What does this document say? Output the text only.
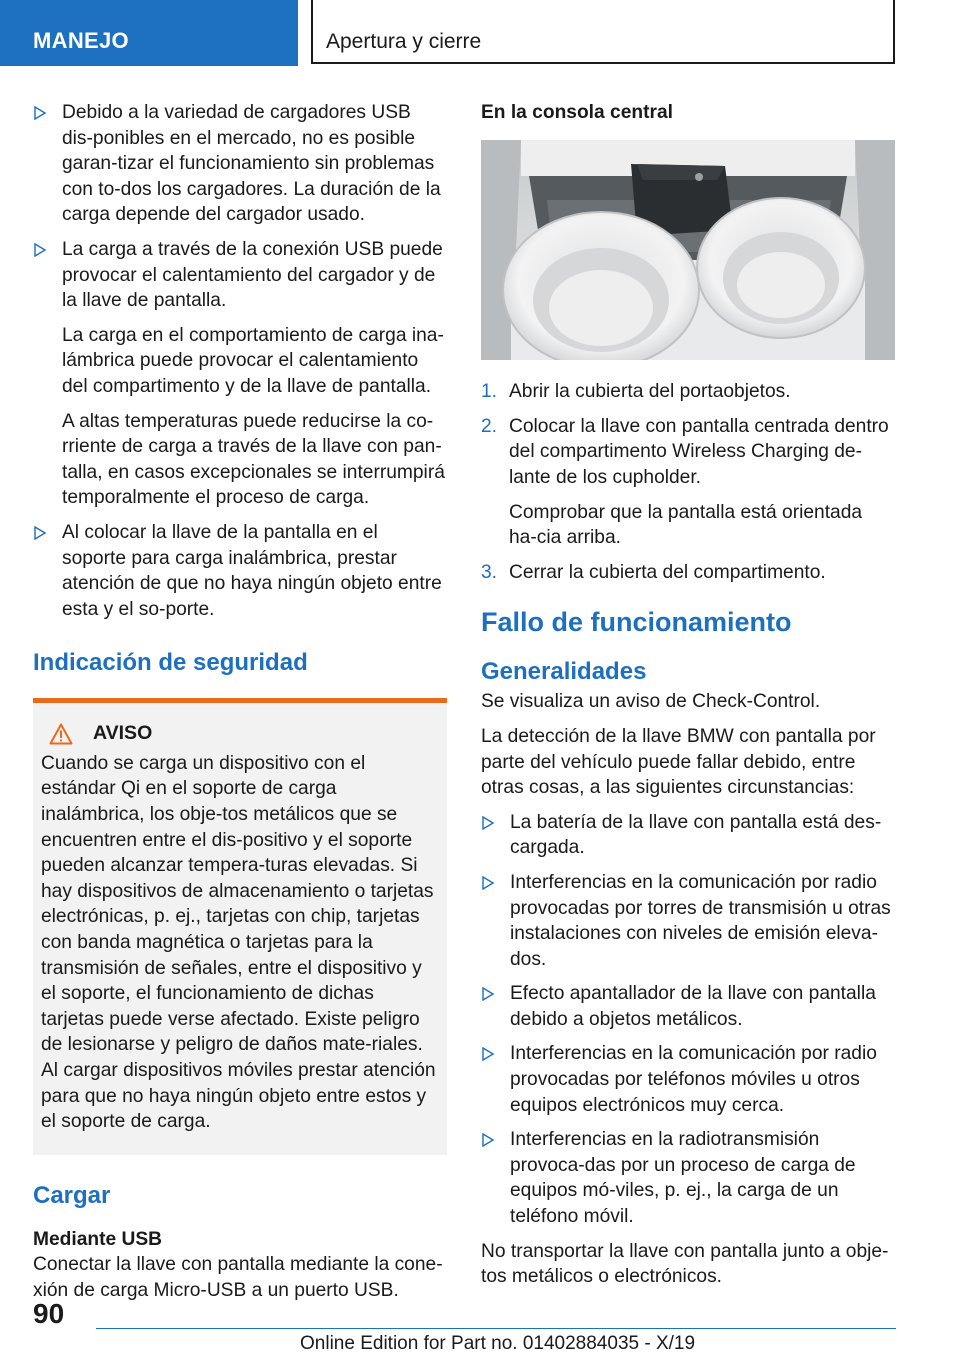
MANEJO	Apertura y cierre

Debido a la variedad de cargadores USB dis-ponibles en el mercado, no es posible garan-tizar el funcionamiento sin problemas con to-dos los cargadores. La duración de la carga depende del cargador usado.

La carga a través de la conexión USB puede provocar el calentamiento del cargador y de la llave de pantalla.

La carga en el comportamiento de carga ina-lámbrica puede provocar el calentamiento del compartimento y de la llave de pantalla.

A altas temperaturas puede reducirse la co-rriente de carga a través de la llave con pan-talla, en casos excepcionales se interrumpirá temporalmente el proceso de carga.

Al colocar la llave de la pantalla en el soporte para carga inalámbrica, prestar atención de que no haya ningún objeto entre esta y el so-porte.

Indicación de seguridad
AVISO

Cuando se carga un dispositivo con el estándar Qi en el soporte de carga inalámbrica, los obje-tos metálicos que se encuentren entre el dis-positivo y el soporte pueden alcanzar tempera-turas elevadas. Si hay dispositivos de almacenamiento o tarjetas electrónicas, p. ej., tarjetas con chip, tarjetas con banda magnética o tarjetas para la transmisión de señales, entre el dispositivo y el soporte, el funcionamiento de dichas tarjetas puede verse afectado. Existe peligro de lesionarse y peligro de daños mate-riales. Al cargar dispositivos móviles prestar atención para que no haya ningún objeto entre estos y el soporte de carga.

Cargar
Mediante USB

Conectar la llave con pantalla mediante la cone-xión de carga Micro-USB a un puerto USB.

En la consola central
1. Abrir la cubierta del portaobjetos.

2. Colocar la llave con pantalla centrada dentro del compartimento Wireless Charging de-lante de los cupholder.

Comprobar que la pantalla está orientada ha-cia arriba.

3. Cerrar la cubierta del compartimento.

Fallo de funcionamiento
Generalidades

Se visualiza un aviso de Check-Control.

La detección de la llave BMW con pantalla por parte del vehículo puede fallar debido, entre otras cosas, a las siguientes circunstancias:

La batería de la llave con pantalla está des-cargada.

Interferencias en la comunicación por radio provocadas por torres de transmisión u otras instalaciones con niveles de emisión eleva-dos.

Efecto apantallador de la llave con pantalla debido a objetos metálicos.

Interferencias en la comunicación por radio provocadas por teléfonos móviles u otros equipos electrónicos muy cerca.

Interferencias en la radiotransmisión provoca-das por un proceso de carga de equipos mó-viles, p. ej., la carga de un teléfono móvil.

No transportar la llave con pantalla junto a obje-tos metálicos o electrónicos.

90
Online Edition for Part no. 01402884035 - X/19
